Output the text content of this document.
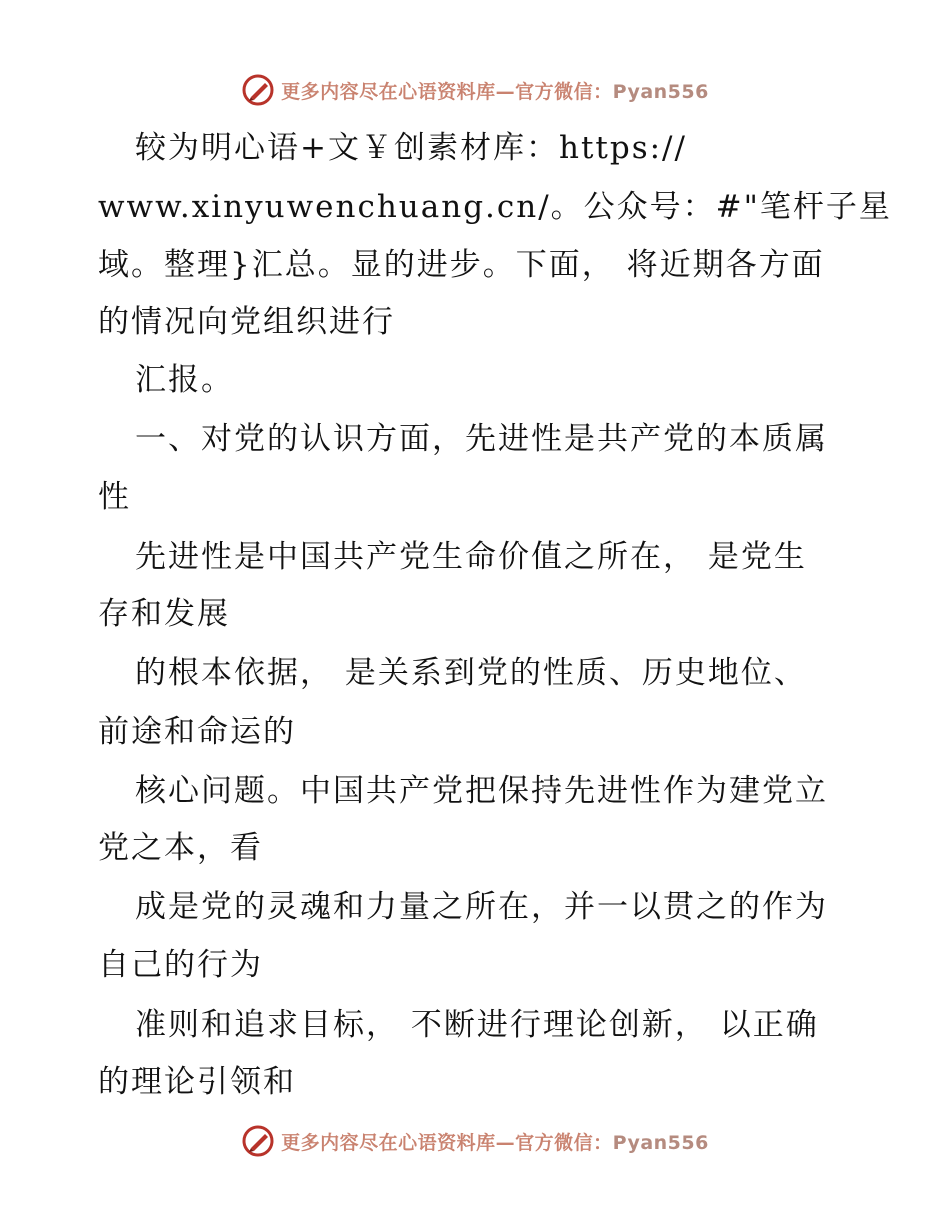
更多内容尽在心语资料库—官方微信：Pyan556
较为明心语+文￥创素材库：https://
www.xinyuwenchuang.cn/。公众号：#"笔杆子星
域。整理}汇总。显的进步。下面， 将近期各方面
的情况向党组织进行
汇报。
一、对党的认识方面，先进性是共产党的本质属
性
先进性是中国共产党生命价值之所在， 是党生
存和发展
的根本依据， 是关系到党的性质、历史地位、
前途和命运的
核心问题。中国共产党把保持先进性作为建党立
党之本，看
成是党的灵魂和力量之所在，并一以贯之的作为
自己的行为
准则和追求目标， 不断进行理论创新， 以正确
的理论引领和
更多内容尽在心语资料库—官方微信：Pyan556
